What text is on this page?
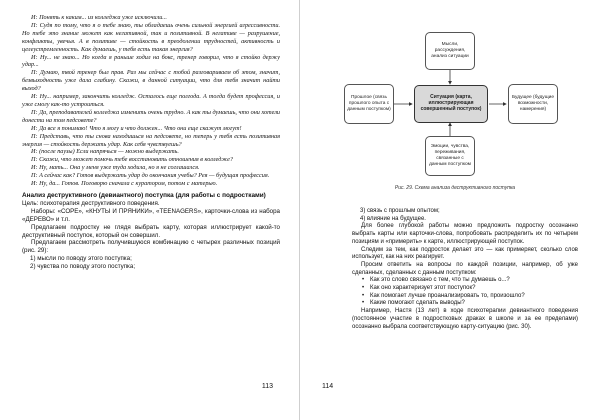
И: Понять к каким... из колледжа уже исключили...

П: Судя по тому, что я о тебе знаю, ты обладаешь очень сильной энергией агрессивности. Но тебе это знание может как негативной, так и позитивной. В негативе — разрушение, конфликты, увечья. А в позитиве — стойкость в преодолении трудностей, активность и целеустремленность. Как думаешь, у тебя есть такая энергия?

И: Ну... не знаю... Но когда я раньше ходил на бокс, тренер говорил, что я стойко держу удар...

П: Думаю, твой тренер был прав. Раз мы сейчас с тобой разговариваем об этом, значит, безвыходность уже дала слабину. Скажи, в данной ситуации, что для тебя значит найти выход?

И: Ну... например, закончить колледж. Осталось еще полгода. А тогда будет профессия, и уже смогу как-то устроиться.

П: Да, преподавателей колледжа изменить очень трудно. А как ты думаешь, что они хотели донести на том педсовете?

И: Да все я понимаю! Что я могу и что должен... Что они еще скажут могут!

П: Представь, что ты снова находишься на педсовете, но теперь у тебя есть позитивная энергия — стойкость держать удар. Как себя чувствуешь?

И: (после паузы) Если напрячься — можно выдержать.

П: Скажи, что может помочь тебе восстановить отношения в колледже?

И: Ну, мать... Она у меня уже туда ходила, но я не соглашался.

П: А сейчас как? Готов выдержать удар до окончания учебы? Рея — будущая профессия.

И: Ну, да... Готов. Поговорю сначала с куратором, потом с матерью.

Анализ деструктивного (девиантного) поступка (для работы с подростками)

Цель: психотерапия деструктивного поведения.

Наборы: «СОРЕ», «КНУТЫ И ПРЯНИКИ», «TEENAGERS», карточки-слова из набора «ДЕРЕВО» и т.п.

Предлагаем подростку не глядя выбрать карту, которая иллюстрирует какой-то деструктивный поступок, который он совершил.

Предлагаем рассмотреть получившуюся комбинацию с четырех различных позиций (рис. 29):

1) мысли по поводу этого поступка;

2) чувства по поводу этого поступка;

113

3) связь с прошлым опытом;

4) влияние на будущее.

Для более глубокой работы можно предложить подростку осознанно выбрать карты или карточки-слова, попробовать распределить их по четырем позициям и «примерить» к карте, иллюстрирующей поступок.

Следим за тем, как подросток делает это — как примеряет, сколько слов использует, как на них реагирует.

Просим ответить на вопросы по каждой позиции, например, об уже сделанных, сделанных с данным поступком:

• Как это слово связано с тем, что ты думаешь о...?

• Как оно характеризует этот поступок?

• Как помогает лучше проанализировать то, произошло?

• Какие помогают сделать выводы?

Например, Настя (13 лет) в ходе психотерапии девиантного поведения (постоянное участие в подростковых драках в школе и за ее пределами) осознанно выбрала соответствующую карту-ситуацию (рис. 30).

114
Мысли, рассуждения, анализ ситуации
Прошлое (связь прошлого опыта с данным поступком)
Ситуация (карта, иллюстрирующая совершенный поступок)
Будущее (будущие возможности, намерения)
Эмоции, чувства, переживания, связанные с данным поступком
Рис. 29. Схема анализа деструктивного поступка
